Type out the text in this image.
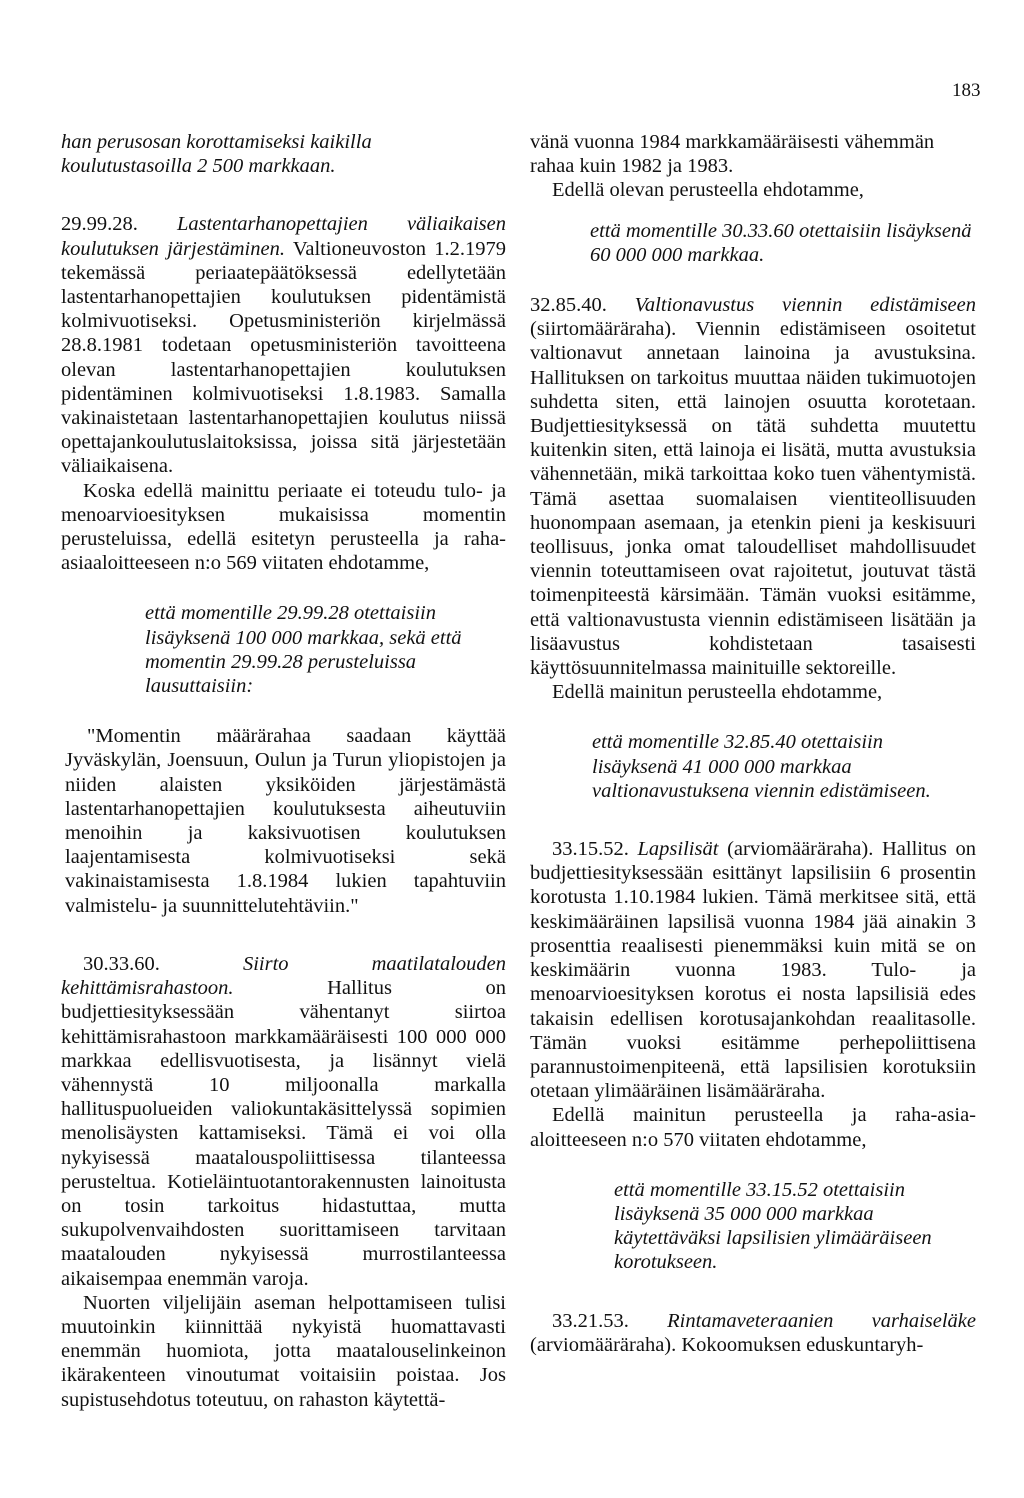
183

han perusosan korottamiseksi kaikilla koulutustasoilla 2 500 markkaan.

29.99.28. Lastentarhanopettajien väliaikaisen koulutuksen järjestäminen. Valtioneuvoston 1.2.1979 tekemässä periaatepäätöksessä edellytetään lastentarhanopettajien koulutuksen pidentämistä kolmivuotiseksi. Opetusministeriön kirjelmässä 28.8.1981 todetaan opetusministeriön tavoitteena olevan lastentarhanopettajien koulutuksen pidentäminen kolmivuotiseksi 1.8.1983. Samalla vakinaistetaan lastentarhanopettajien koulutus niissä opettajankoulutuslaitoksissa, joissa sitä järjestetään väliaikaisena.

Koska edellä mainittu periaate ei toteudu tulo- ja menoarvioesityksen mukaisissa momentin perusteluissa, edellä esitetyn perusteella ja raha-asiaaloitteeseen n:o 569 viitaten ehdotamme,

että momentille 29.99.28 otettaisiin lisäyksenä 100 000 markkaa, sekä että momentin 29.99.28 perusteluissa lausuttaisiin:

"Momentin määrärahaa saadaan käyttää Jyväskylän, Joensuun, Oulun ja Turun yliopistojen ja niiden alaisten yksiköiden järjestämästä lastentarhanopettajien koulutuksesta aiheutuviin menoihin ja kaksivuotisen koulutuksen laajentamisesta kolmivuotiseksi sekä vakinaistamisesta 1.8.1984 lukien tapahtuviin valmistelu- ja suunnittelutehtäviin."

30.33.60.	Siirto maatilatalouden kehittämisrahastoon.	Hallitus on budjettiesityksessään vähentanyt siirtoa kehittämisrahastoon markkamääräisesti 100 000 000 markkaa edellisvuotisesta, ja lisännyt vielä vähennystä 10 miljoonalla markalla hallituspuolueiden valiokuntakäsittelyssä sopimien menolisäysten kattamiseksi. Tämä ei voi olla nykyisessä maatalouspoliittisessa tilanteessa perusteltua. Kotieläintuotantorakennusten lainoitusta on tosin tarkoitus hidastuttaa, mutta sukupolvenvaihdosten suorittamiseen tarvitaan maatalouden nykyisessä murrostilanteessa aikaisempaa enemmän varoja.

Nuorten viljelijäin aseman helpottamiseen tulisi muutoinkin kiinnittää nykyistä huomattavasti enemmän huomiota, jotta maatalouselinkeinon ikärakenteen vinoutumat voitaisiin poistaa. Jos supistusehdotus toteutuu, on rahaston käytettä-

vänä vuonna 1984 markkamääräisesti vähemmän rahaa kuin 1982 ja 1983.

Edellä olevan perusteella ehdotamme,

että momentille 30.33.60 otettaisiin lisäyksenä 60 000 000 markkaa.

32.85.40. Valtionavustus viennin edistämiseen (siirtomääräraha). Viennin edistämiseen osoitetut valtionavut annetaan lainoina ja avustuksina. Hallituksen on tarkoitus muuttaa näiden tukimuotojen suhdetta siten, että lainojen osuutta korotetaan. Budjettiesityksessä on tätä suhdetta muutettu kuitenkin siten, että lainoja ei lisätä, mutta avustuksia vähennetään, mikä tarkoittaa koko tuen vähentymistä. Tämä asettaa suomalaisen vientiteollisuuden huonompaan asemaan, ja etenkin pieni ja keskisuuri teollisuus, jonka omat taloudelliset mahdollisuudet viennin toteuttamiseen ovat rajoitetut, joutuvat tästä toimenpiteestä kärsimään. Tämän vuoksi esitämme, että valtionavustusta viennin edistämiseen lisätään ja lisäavustus kohdistetaan tasaisesti käyttösuunnitelmassa mainituille sektoreille.

Edellä mainitun perusteella ehdotamme,

että momentille 32.85.40 otettaisiin lisäyksenä 41 000 000 markkaa valtionavustuksena viennin edistämiseen.

33.15.52. Lapsilisät (arviomääräraha). Hallitus on budjettiesityksessään esittänyt lapsilisiin 6 prosentin korotusta 1.10.1984 lukien. Tämä merkitsee sitä, että keskimääräinen lapsilisä vuonna 1984 jää ainakin 3 prosenttia reaalisesti pienemmäksi kuin mitä se on keskimäärin vuonna 1983. Tulo- ja menoarvioesityksen korotus ei nosta lapsilisiä edes takaisin edellisen korotusajankohdan reaalitasolle. Tämän vuoksi esitämme perhepoliittisena parannustoimenpiteenä, että lapsilisien korotuksiin otetaan ylimääräinen lisämääräraha.

Edellä mainitun perusteella ja raha-asia-aloitteeseen n:o 570 viitaten ehdotamme,

että momentille 33.15.52 otettaisiin lisäyksenä 35 000 000 markkaa käytettäväksi lapsilisien ylimääräiseen korotukseen.

33.21.53. Rintamaveteraanien varhaiseläke (arviomääräraha). Kokoomuksen eduskuntaryh-
